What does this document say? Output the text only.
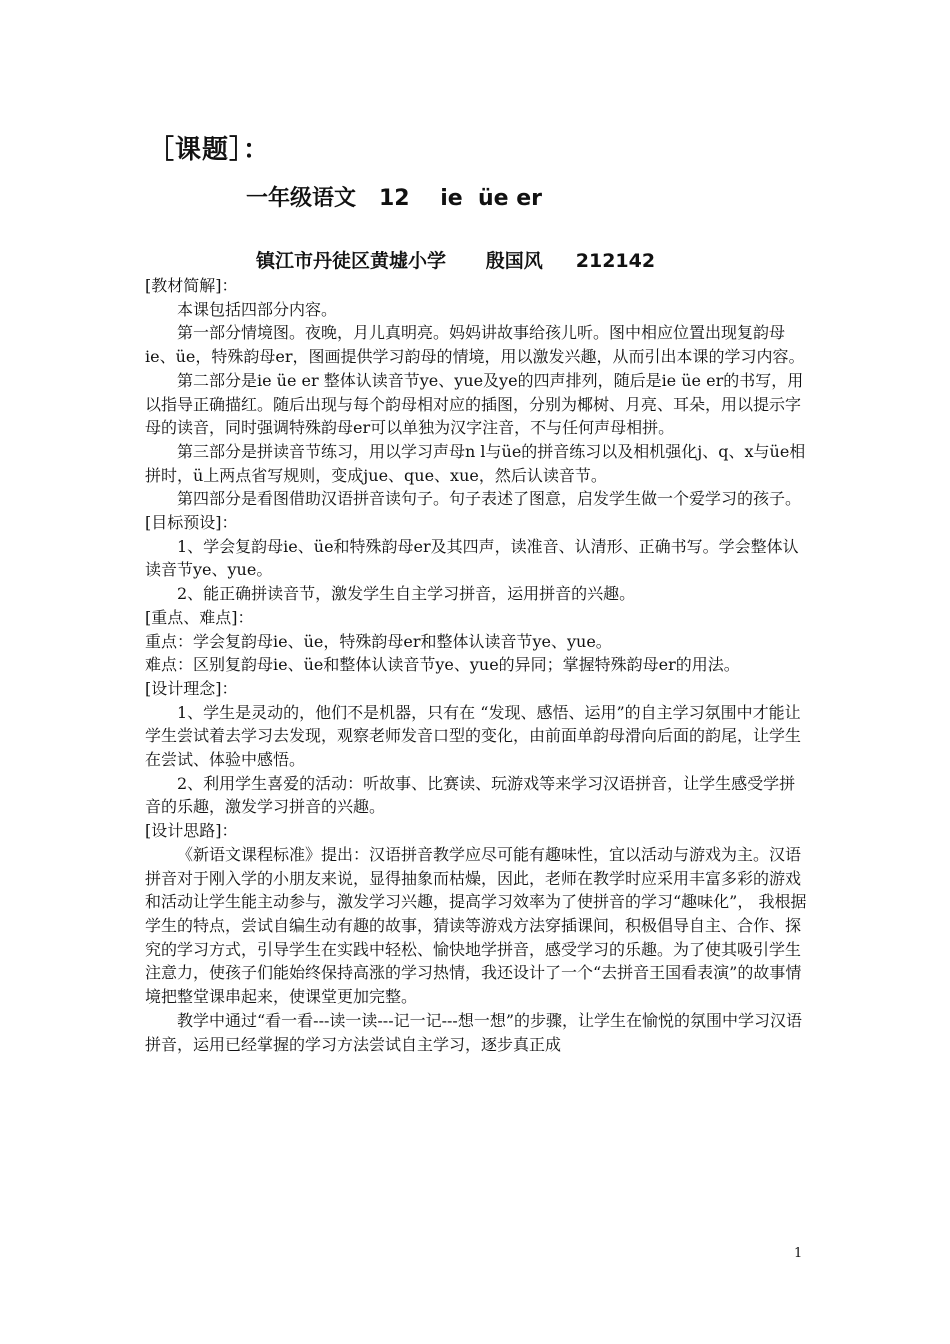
［课题］：
一年级语文   12    ie  üe er
镇江市丹徒区黄墟小学      殷国风     212142

[教材简解]：

本课包括四部分内容。

第一部分情境图。夜晚，月儿真明亮。妈妈讲故事给孩儿听。图中相应位置出现复韵母ie、üe，特殊韵母er，图画提供学习韵母的情境，用以激发兴趣，从而引出本课的学习内容。

第二部分是ie üe er 整体认读音节ye、yue及ye的四声排列，随后是ie üe er的书写，用以指导正确描红。随后出现与每个韵母相对应的插图，分别为椰树、月亮、耳朵，用以提示字母的读音，同时强调特殊韵母er可以单独为汉字注音，不与任何声母相拼。

第三部分是拼读音节练习，用以学习声母n l与üe的拼音练习以及相机强化j、q、x与üe相拼时，ü上两点省写规则，变成jue、que、xue，然后认读音节。

第四部分是看图借助汉语拼音读句子。句子表述了图意，启发学生做一个爱学习的孩子。

[目标预设]：

1、学会复韵母ie、üe和特殊韵母er及其四声，读准音、认清形、正确书写。学会整体认读音节ye、yue。

2、能正确拼读音节，激发学生自主学习拼音，运用拼音的兴趣。

[重点、难点]：

重点：学会复韵母ie、üe，特殊韵母er和整体认读音节ye、yue。

难点：区别复韵母ie、üe和整体认读音节ye、yue的异同；掌握特殊韵母er的用法。

[设计理念]：

1、学生是灵动的，他们不是机器，只有在 “发现、感悟、运用”的自主学习氛围中才能让学生尝试着去学习去发现，观察老师发音口型的变化，由前面单韵母滑向后面的韵尾，让学生在尝试、体验中感悟。

2、利用学生喜爱的活动：听故事、比赛读、玩游戏等来学习汉语拼音，让学生感受学拼音的乐趣，激发学习拼音的兴趣。

[设计思路]：

《新语文课程标准》提出：汉语拼音教学应尽可能有趣味性，宜以活动与游戏为主。汉语拼音对于刚入学的小朋友来说，显得抽象而枯燥，因此，老师在教学时应采用丰富多彩的游戏和活动让学生能主动参与，激发学习兴趣，提高学习效率为了使拼音的学习“趣味化”， 我根据学生的特点，尝试自编生动有趣的故事，猜读等游戏方法穿插课间，积极倡导自主、合作、探究的学习方式，引导学生在实践中轻松、愉快地学拼音，感受学习的乐趣。为了使其吸引学生注意力，使孩子们能始终保持高涨的学习热情，我还设计了一个“去拼音王国看表演”的故事情境把整堂课串起来，使课堂更加完整。

教学中通过“看一看---读一读---记一记---想一想”的步骤，让学生在愉悦的氛围中学习汉语拼音，运用已经掌握的学习方法尝试自主学习，逐步真正成

1
